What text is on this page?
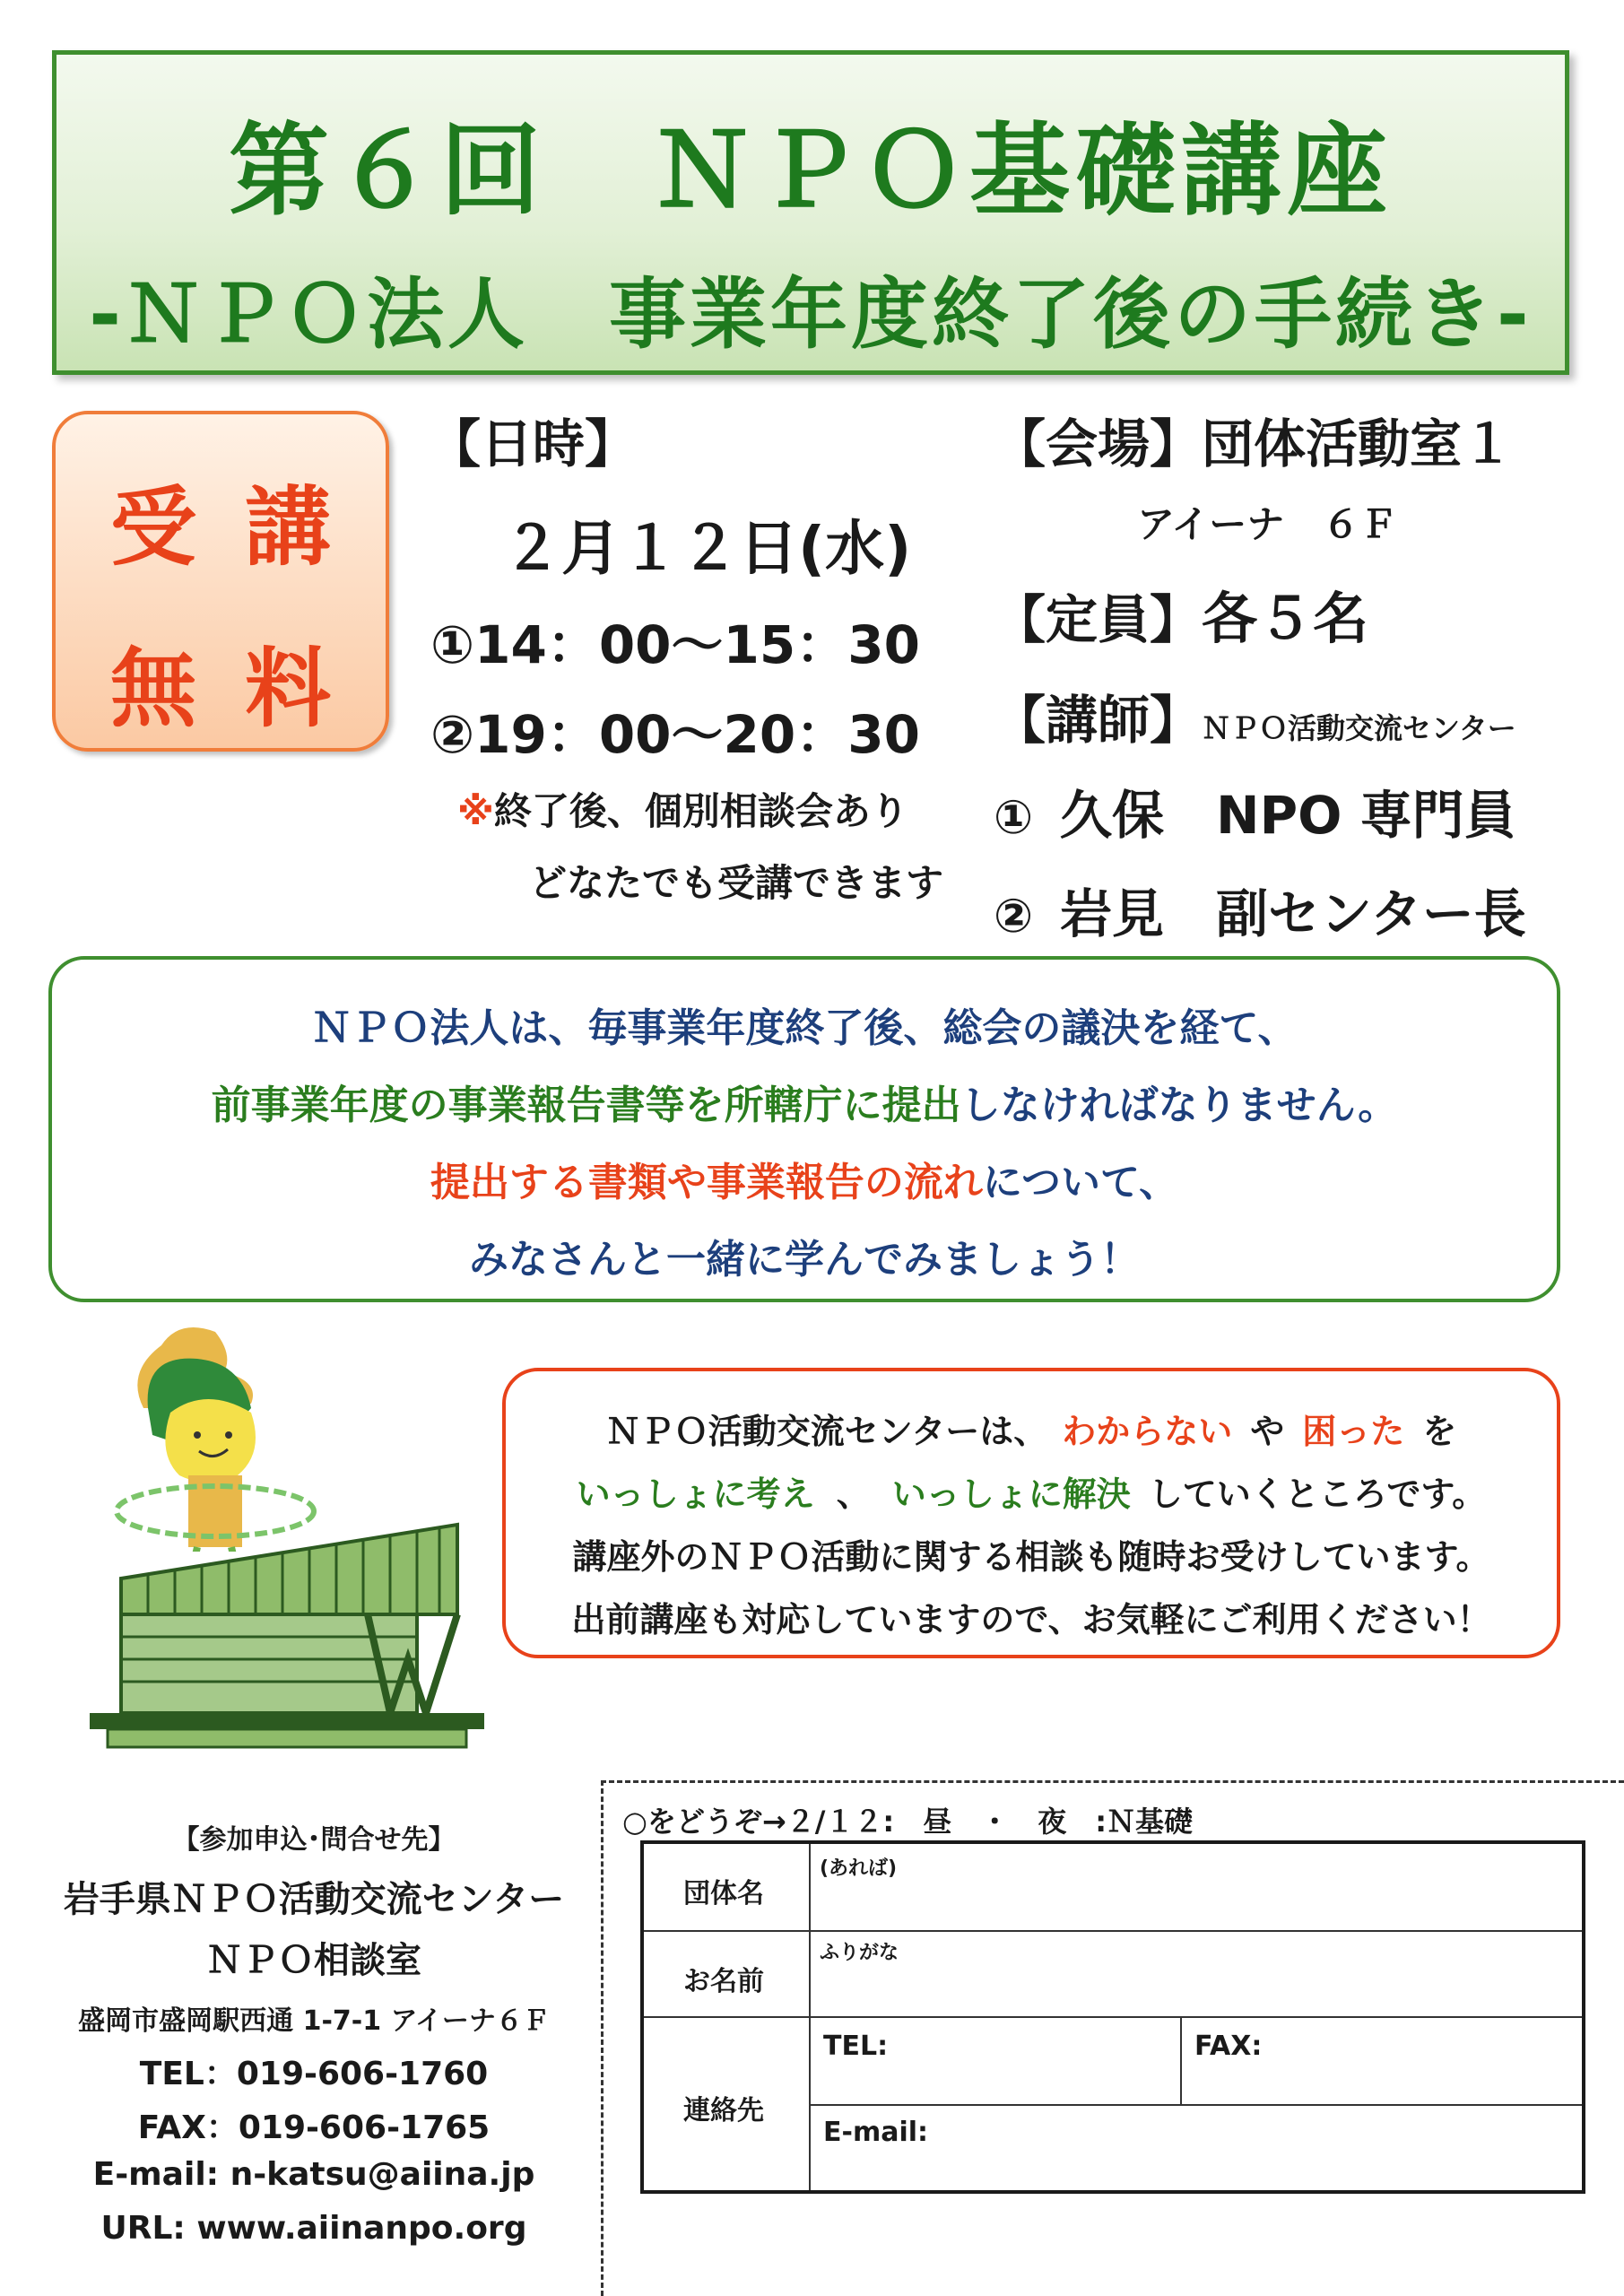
第６回　ＮＰＯ基礎講座
-ＮＰＯ法人　事業年度終了後の手続き-
受講
無料
【日時】
２月１２日(水)
①14：00～15：30
②19：00～20：30
※終了後、個別相談会あり
どなたでも受講できます
【会場】団体活動室１
アイーナ　６Ｆ
【定員】各５名
【講師】ＮＰＯ活動交流センター
① 久保　NPO 専門員
② 岩見　副センター長
ＮＰＯ法人は、毎事業年度終了後、総会の議決を経て、
前事業年度の事業報告書等を所轄庁に提出しなければなりません。
提出する書類や事業報告の流れについて、
みなさんと一緒に学んでみましょう！
ＮＰＯ活動交流センターは、 わからない や 困った を
いっしょに考え 、 いっしょに解決 していくところです。
講座外のＮＰＯ活動に関する相談も随時お受けしています。
出前講座も対応していますので、お気軽にご利用ください！
【参加申込･問合せ先】
岩手県ＮＰＯ活動交流センター
ＮＰＯ相談室
盛岡市盛岡駅西通 1-7-1 アイーナ６Ｆ
TEL：019-606-1760
FAX：019-606-1765
E-mail: n-katsu@aiina.jp
URL: www.aiinanpo.org
○をどうぞ→２/１２:　昼　・　夜　:Ｎ基礎
団体名
(あれば)
お名前
ふりがな
連絡先
TEL:	FAX:
E-mail:
